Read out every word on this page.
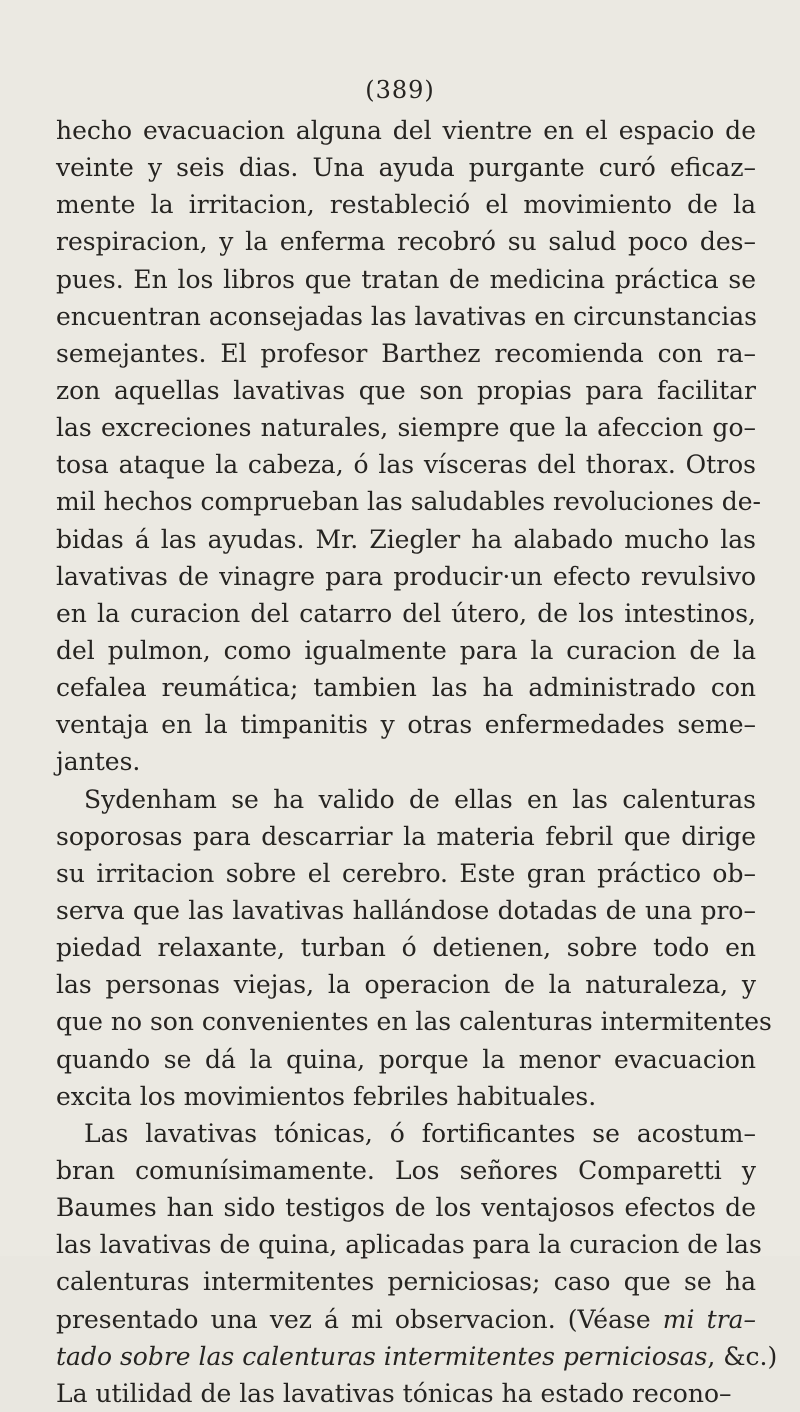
(389)
hecho evacuacion alguna del vientre en el espacio de
veinte y seis dias. Una ayuda purgante curó eficaz–
mente la irritacion, restableció el movimiento de la
respiracion, y la enferma recobró su salud poco des–
pues. En los libros que tratan de medicina práctica se
encuentran aconsejadas las lavativas en circunstancias
semejantes. El profesor Barthez recomienda con ra–
zon aquellas lavativas que son propias para facilitar
las excreciones naturales, siempre que la afeccion go–
tosa ataque la cabeza, ó las vísceras del thorax. Otros
mil hechos comprueban las saludables revoluciones de-
bidas á las ayudas. Mr. Ziegler ha alabado mucho las
lavativas de vinagre para producir·un efecto revulsivo
en la curacion del catarro del útero, de los intestinos,
del pulmon, como igualmente para la curacion de la
cefalea reumática; tambien las ha administrado con
ventaja en la timpanitis y otras enfermedades seme–
jantes.
Sydenham se ha valido de ellas en las calenturas
soporosas para descarriar la materia febril que dirige
su irritacion sobre el cerebro. Este gran práctico ob–
serva que las lavativas hallándose dotadas de una pro–
piedad relaxante, turban ó detienen, sobre todo en
las personas viejas, la operacion de la naturaleza, y
que no son convenientes en las calenturas intermitentes
quando se dá la quina, porque la menor evacuacion
excita los movimientos febriles habituales.
Las lavativas tónicas, ó fortificantes se acostum–
bran comunísimamente. Los señores Comparetti y
Baumes han sido testigos de los ventajosos efectos de
las lavativas de quina, aplicadas para la curacion de las
calenturas intermitentes perniciosas; caso que se ha
presentado una vez á mi observacion. (Véase mi tra–
tado sobre las calenturas intermitentes perniciosas, &c.)
La utilidad de las lavativas tónicas ha estado recono–
